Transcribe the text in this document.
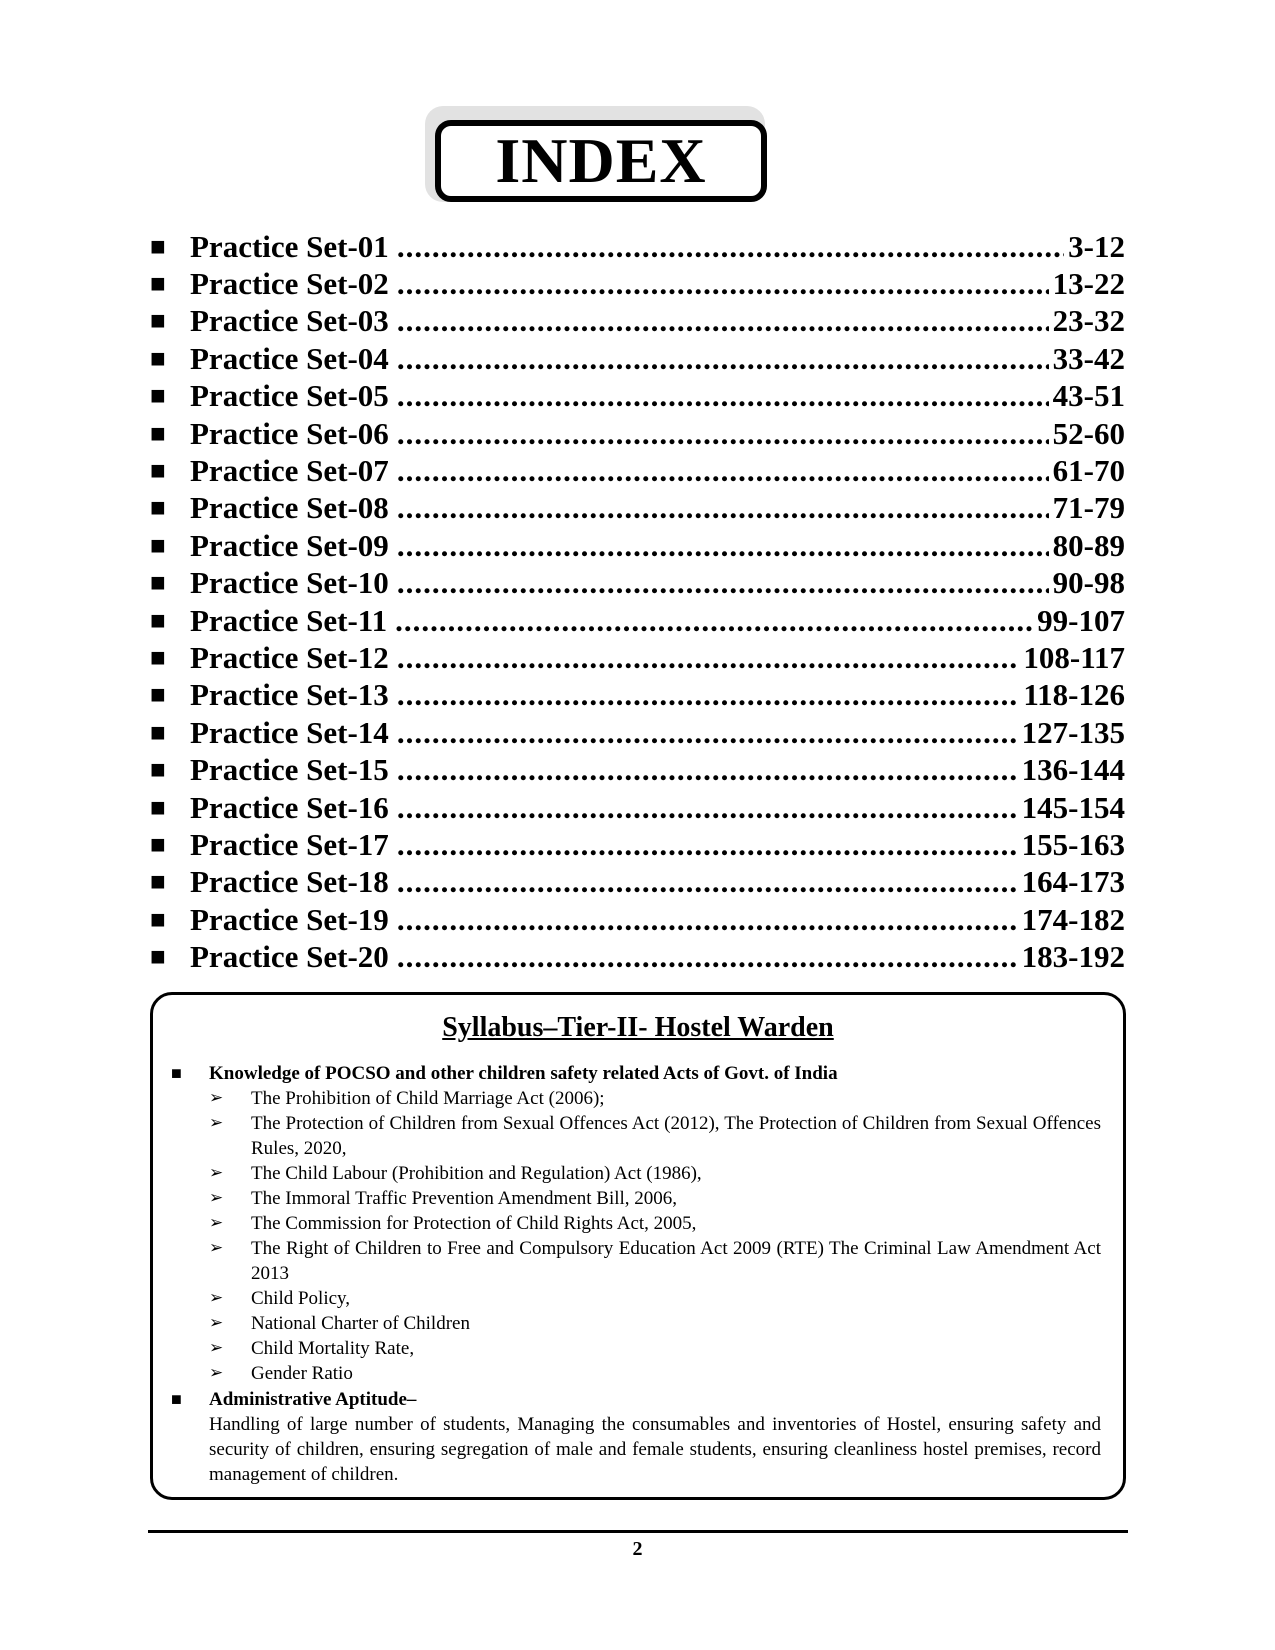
INDEX
■ Practice Set-01 .....	3-12
■ Practice Set-02 .....	13-22
■ Practice Set-03 .....	23-32
■ Practice Set-04 .....	33-42
■ Practice Set-05 .....	43-51
■ Practice Set-06 .....	52-60
■ Practice Set-07 .....	61-70
■ Practice Set-08 .....	71-79
■ Practice Set-09 .....	80-89
■ Practice Set-10 .....	90-98
■ Practice Set-11 .....	99-107
■ Practice Set-12 .....	108-117
■ Practice Set-13 .....	118-126
■ Practice Set-14 .....	127-135
■ Practice Set-15 .....	136-144
■ Practice Set-16 .....	145-154
■ Practice Set-17 .....	155-163
■ Practice Set-18 .....	164-173
■ Practice Set-19 .....	174-182
■ Practice Set-20 .....	183-192
Syllabus–Tier-II- Hostel Warden
■	Knowledge of POCSO and other children safety related Acts of Govt. of India
➢	The Prohibition of Child Marriage Act (2006);
➢	The Protection of Children from Sexual Offences Act (2012), The Protection of Children from Sexual Offences Rules, 2020,
➢	The Child Labour (Prohibition and Regulation) Act (1986),
➢	The Immoral Traffic Prevention Amendment Bill, 2006,
➢	The Commission for Protection of Child Rights Act, 2005,
➢	The Right of Children to Free and Compulsory Education Act 2009 (RTE) The Criminal Law Amendment Act 2013
➢	Child Policy,
➢	National Charter of Children
➢	Child Mortality Rate,
➢	Gender Ratio
■	Administrative Aptitude–
Handling of large number of students, Managing the consumables and inventories of Hostel, ensuring safety and security of children, ensuring segregation of male and female students, ensuring cleanliness hostel premises, record management of children.
2
